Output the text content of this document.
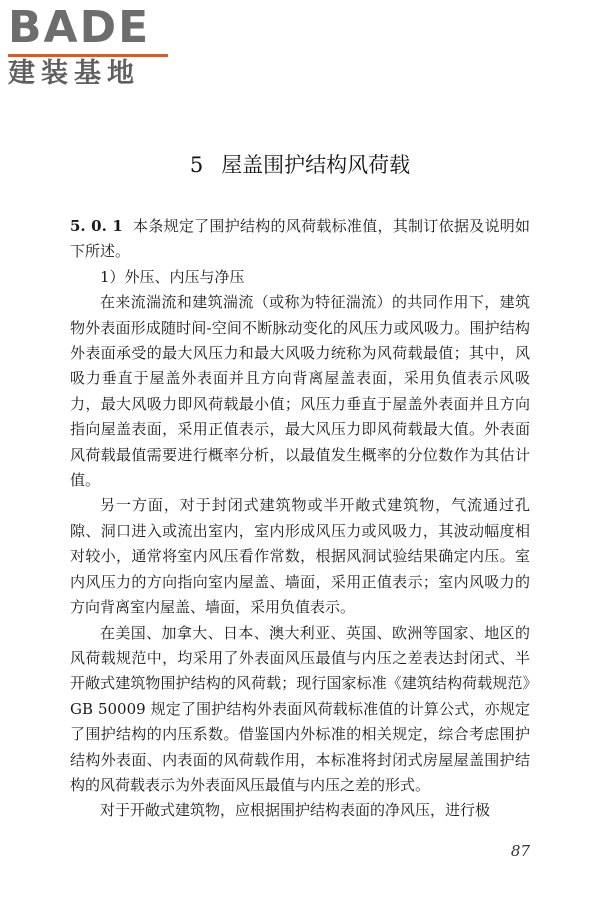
BADE
建装基地
5 屋盖围护结构风荷载

5. 0. 1 本条规定了围护结构的风荷载标准值，其制订依据及说明如下所述。

1）外压、内压与净压

在来流湍流和建筑湍流（或称为特征湍流）的共同作用下，建筑物外表面形成随时间-空间不断脉动变化的风压力或风吸力。围护结构外表面承受的最大风压力和最大风吸力统称为风荷载最值；其中，风吸力垂直于屋盖外表面并且方向背离屋盖表面，采用负值表示风吸力，最大风吸力即风荷载最小值；风压力垂直于屋盖外表面并且方向指向屋盖表面，采用正值表示，最大风压力即风荷载最大值。外表面风荷载最值需要进行概率分析，以最值发生概率的分位数作为其估计值。

另一方面，对于封闭式建筑物或半开敞式建筑物，气流通过孔隙、洞口进入或流出室内，室内形成风压力或风吸力，其波动幅度相对较小，通常将室内风压看作常数，根据风洞试验结果确定内压。室内风压力的方向指向室内屋盖、墙面，采用正值表示；室内风吸力的方向背离室内屋盖、墙面，采用负值表示。

在美国、加拿大、日本、澳大利亚、英国、欧洲等国家、地区的风荷载规范中，均采用了外表面风压最值与内压之差表达封闭式、半开敞式建筑物围护结构的风荷载；现行国家标准《建筑结构荷载规范》GB 50009 规定了围护结构外表面风荷载标准值的计算公式，亦规定了围护结构的内压系数。借鉴国内外标准的相关规定，综合考虑围护结构外表面、内表面的风荷载作用，本标准将封闭式房屋屋盖围护结构的风荷载表示为外表面风压最值与内压之差的形式。

对于开敞式建筑物，应根据围护结构表面的净风压，进行极

87
